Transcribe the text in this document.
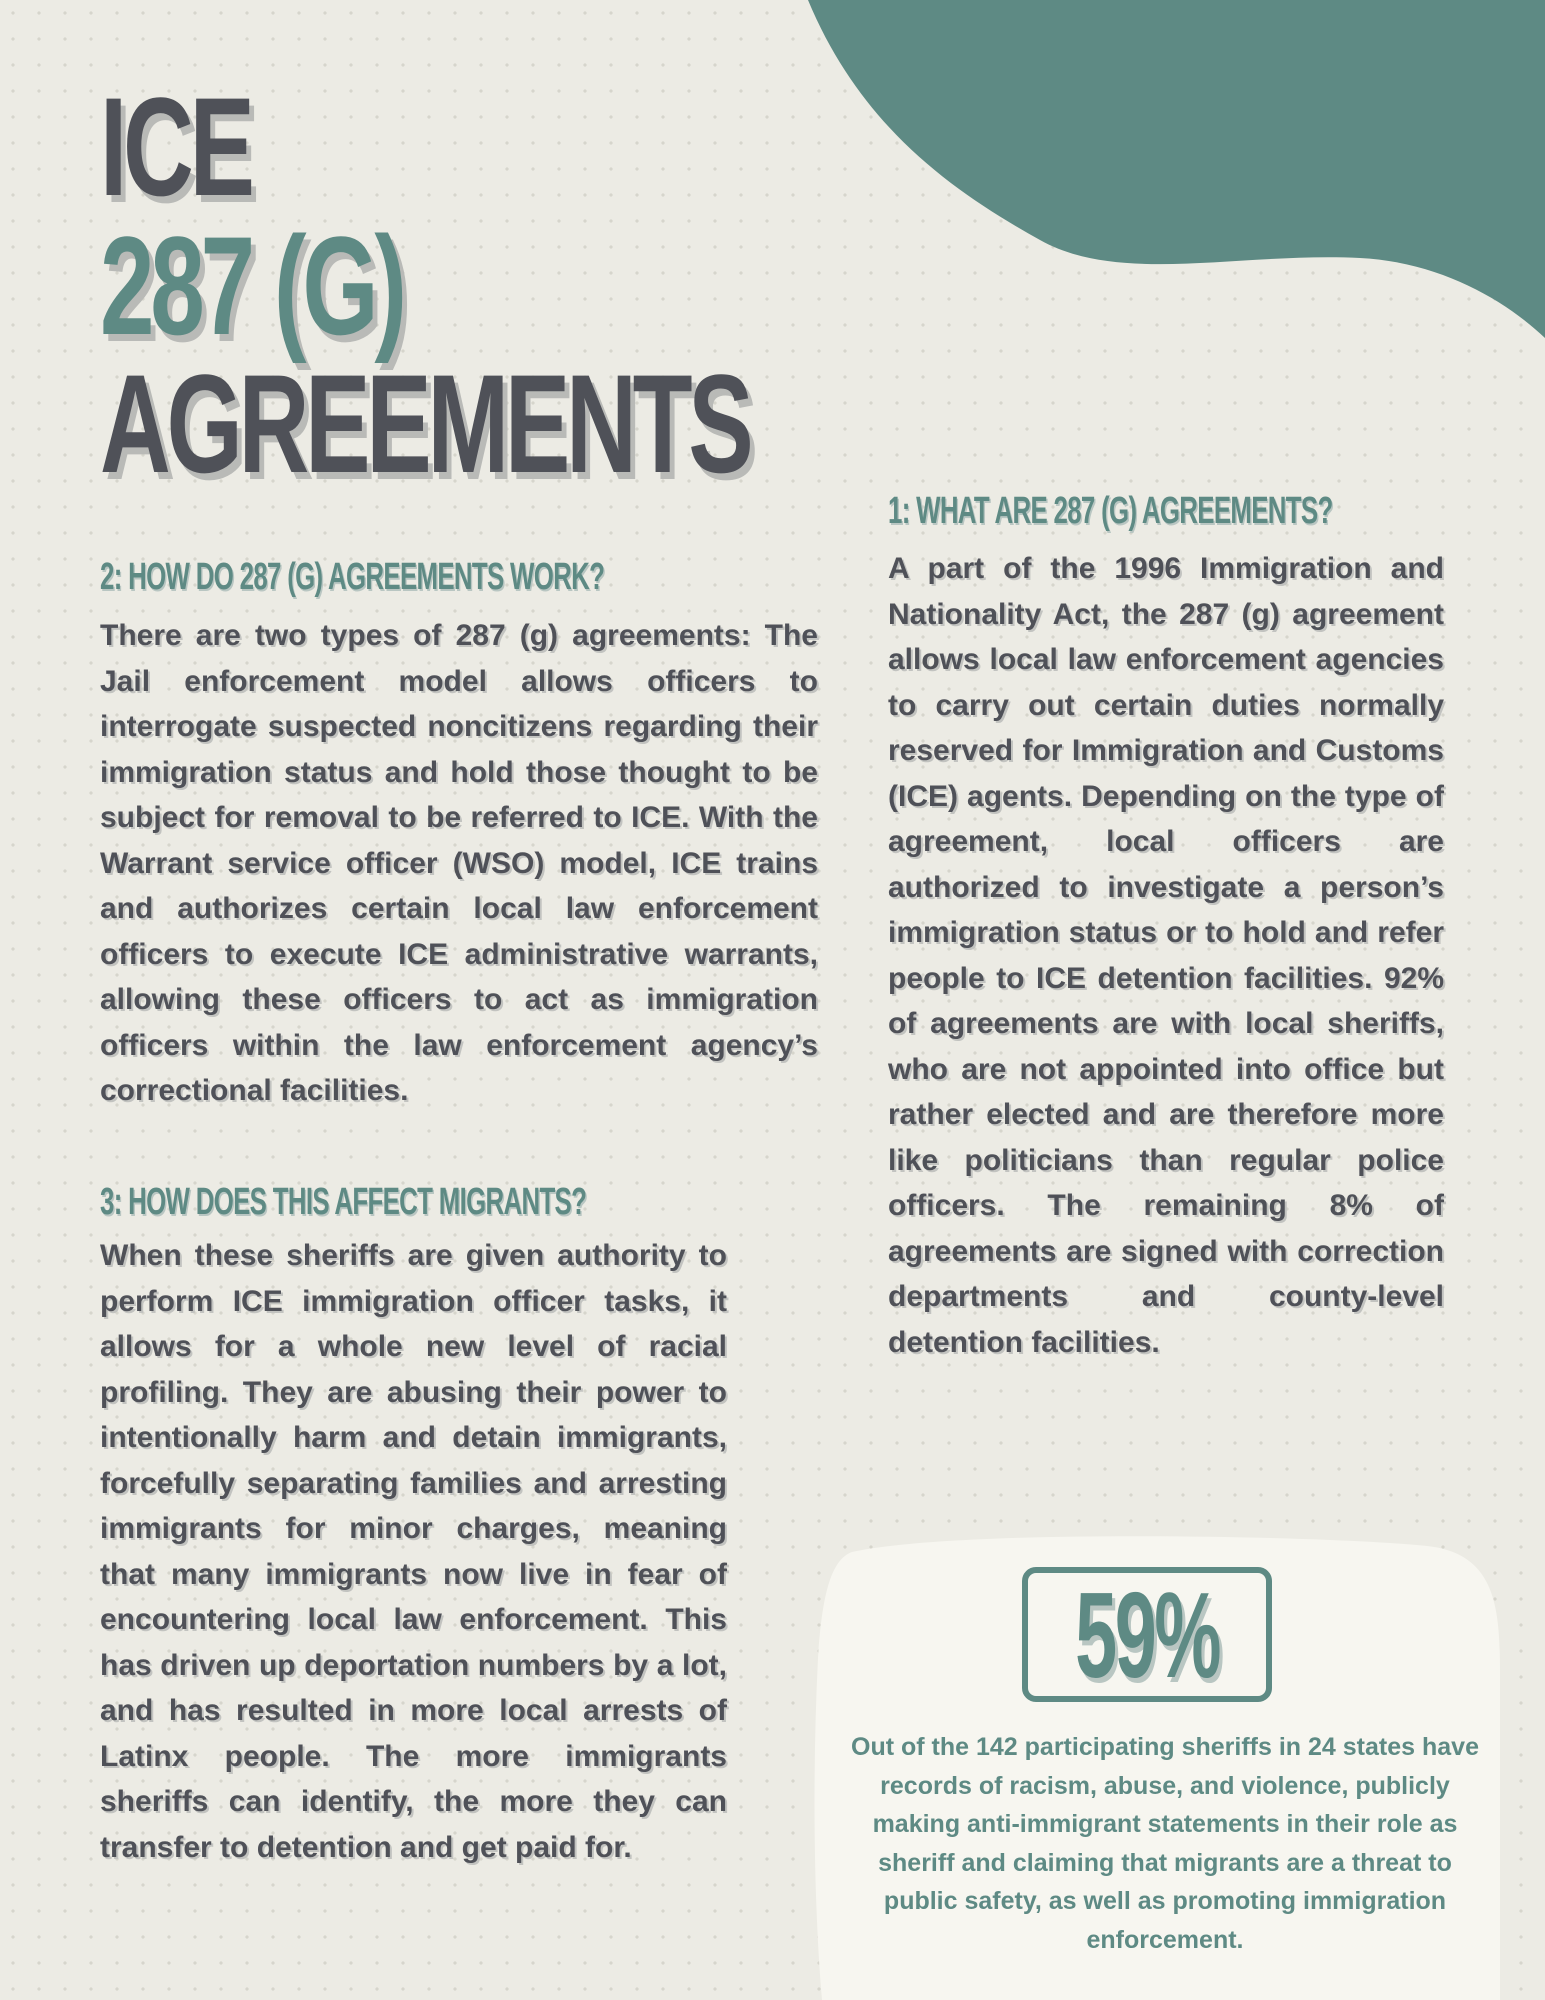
ICE
287 (G)
AGREEMENTS
1: WHAT ARE 287 (G) AGREEMENTS?

A part of the 1996 Immigration and Nationality Act, the 287 (g) agreement allows local law enforcement agencies to carry out certain duties normally reserved for Immigration and Customs (ICE) agents. Depending on the type of agreement, local officers are authorized to investigate a person’s immigration status or to hold and refer people to ICE detention facilities. 92% of agreements are with local sheriffs, who are not appointed into office but rather elected and are therefore more like politicians than regular police officers. The remaining 8% of agreements are signed with correction departments and county-level detention facilities.

2: HOW DO 287 (G) AGREEMENTS WORK?

There are two types of 287 (g) agreements: The Jail enforcement model allows officers to interrogate suspected noncitizens regarding their immigration status and hold those thought to be subject for removal to be referred to ICE. With the Warrant service officer (WSO) model, ICE trains and authorizes certain local law enforcement officers to execute ICE administrative warrants, allowing these officers to act as immigration officers within the law enforcement agency’s correctional facilities.

3: HOW DOES THIS AFFECT MIGRANTS?

When these sheriffs are given authority to perform ICE immigration officer tasks, it allows for a whole new level of racial profiling. They are abusing their power to intentionally harm and detain immigrants, forcefully separating families and arresting immigrants for minor charges, meaning that many immigrants now live in fear of encountering local law enforcement. This has driven up deportation numbers by a lot, and has resulted in more local arrests of Latinx people. The more immigrants sheriffs can identify, the more they can transfer to detention and get paid for.

59%

Out of the 142 participating sheriffs in 24 states have records of racism, abuse, and violence, publicly making anti-immigrant statements in their role as sheriff and claiming that migrants are a threat to public safety, as well as promoting immigration enforcement.
